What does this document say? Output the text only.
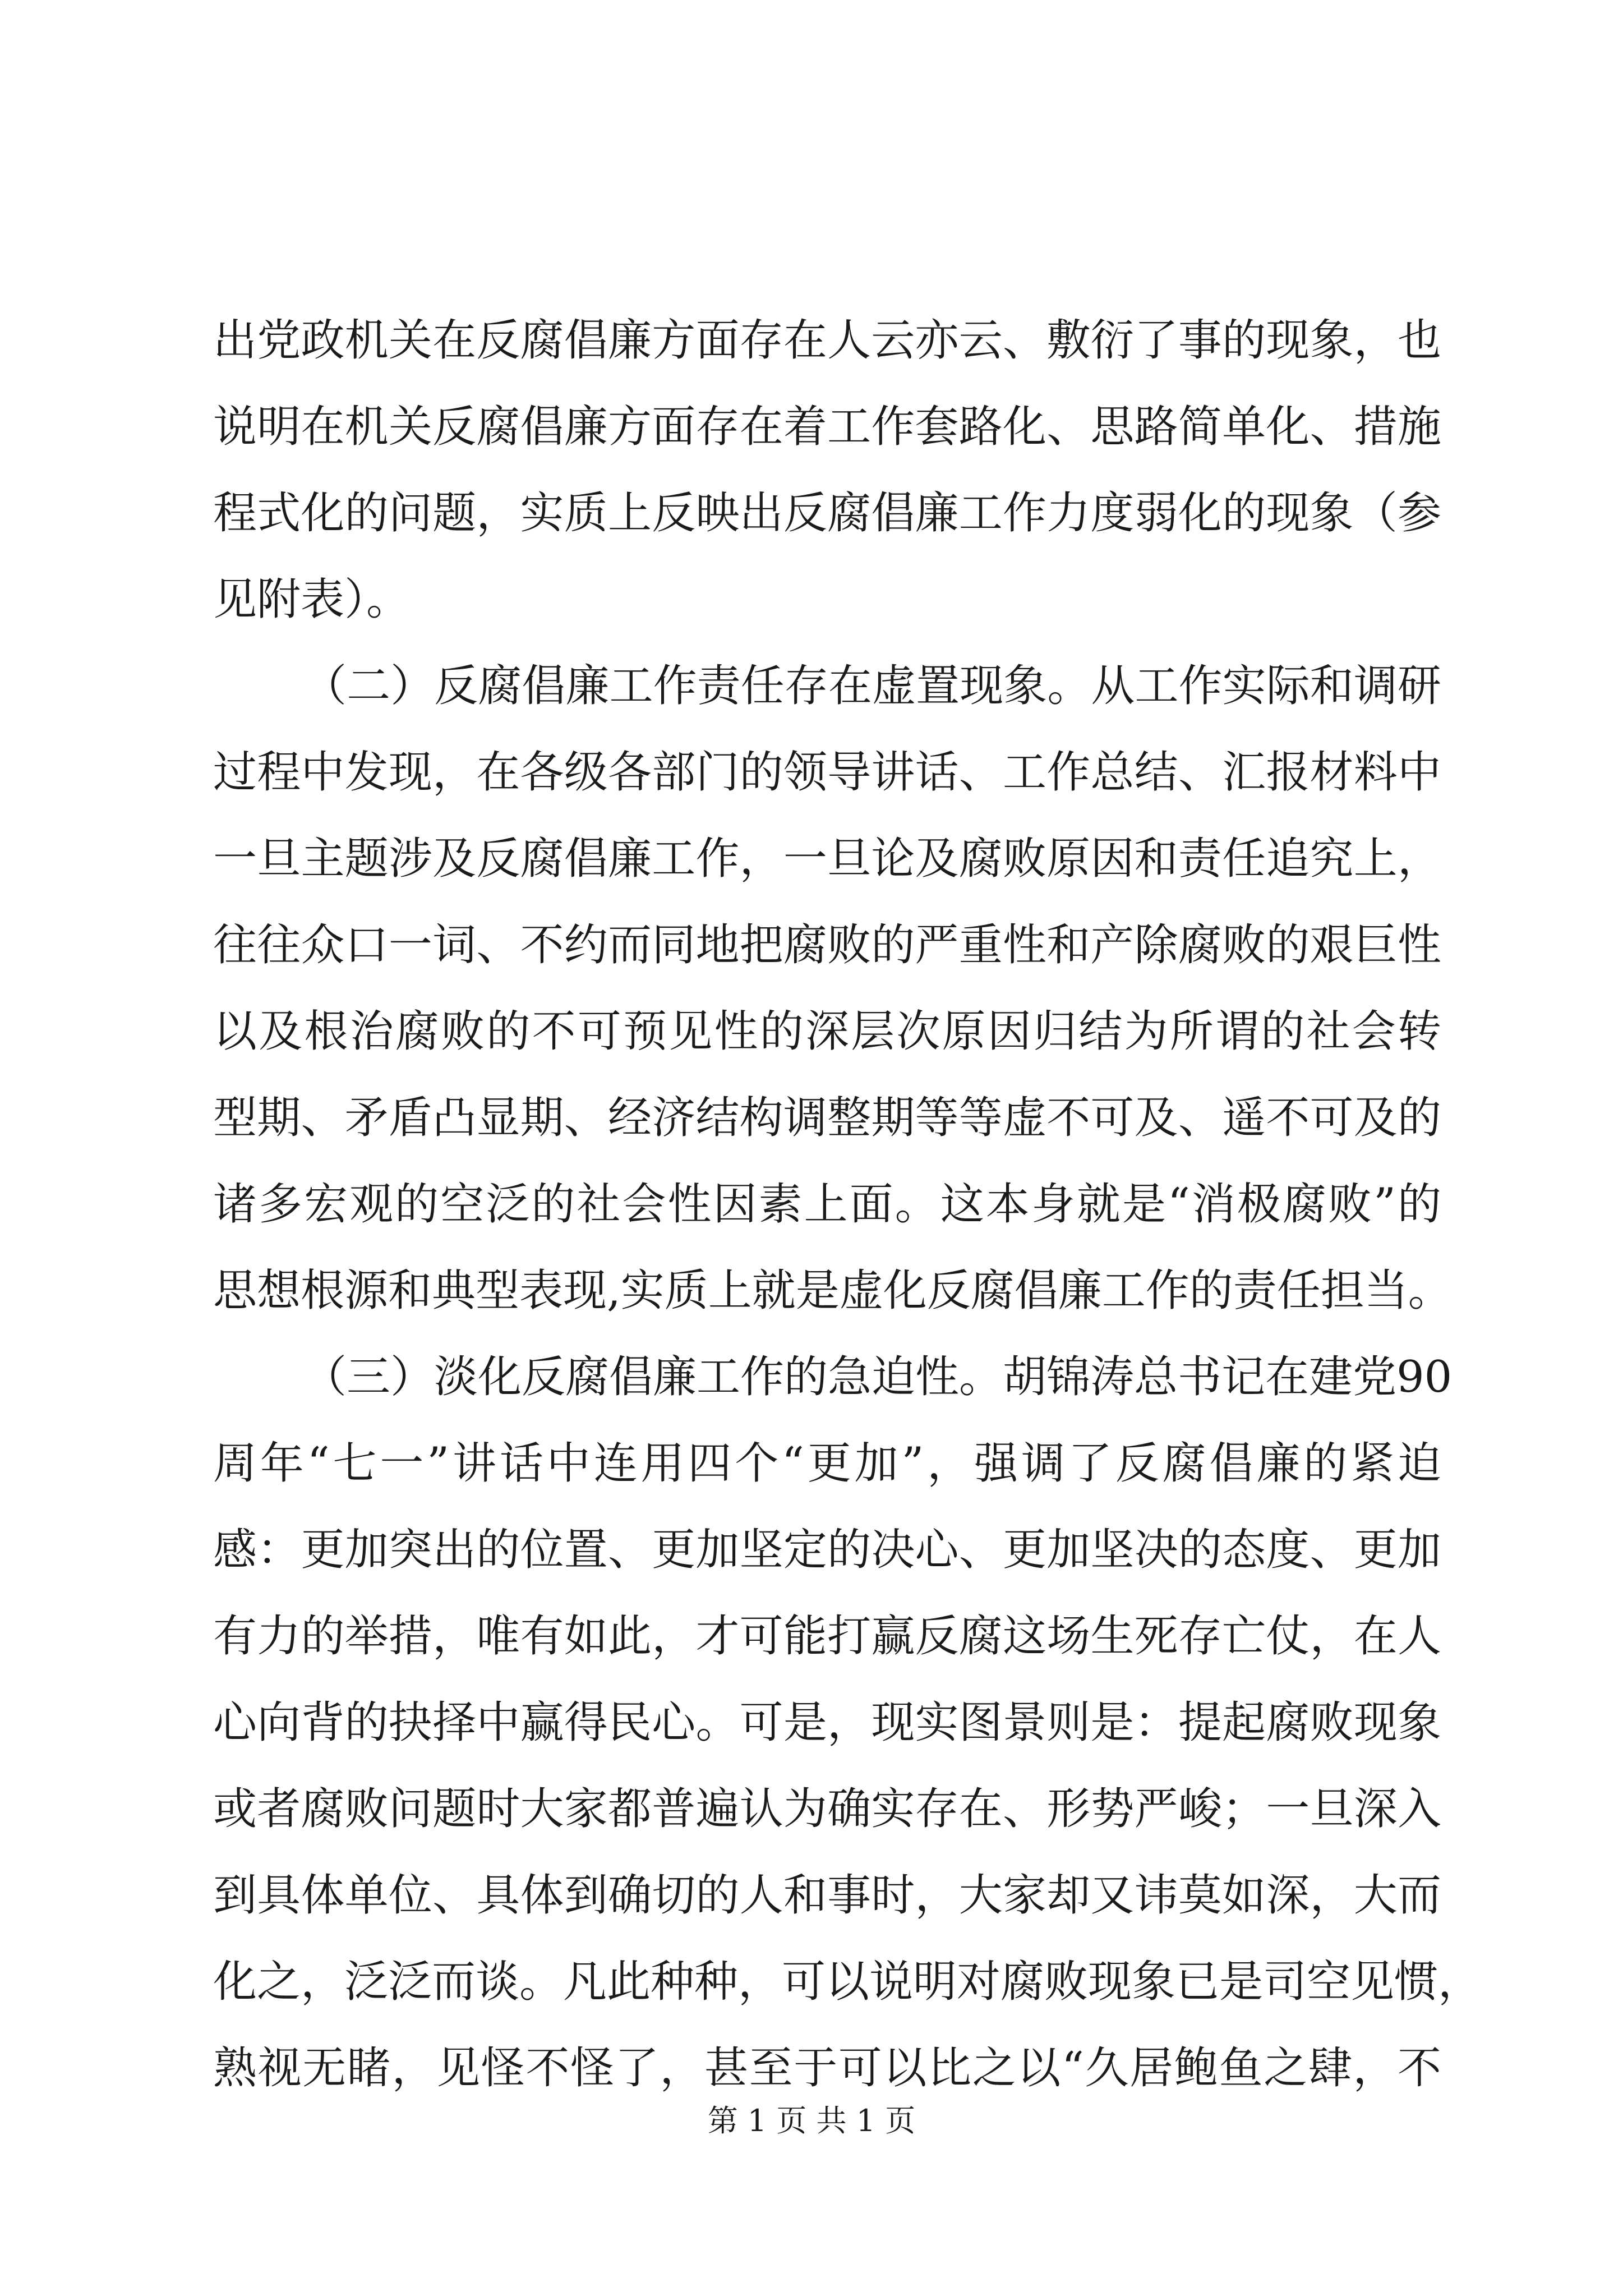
出党政机关在反腐倡廉方面存在人云亦云、敷衍了事的现象，也
说明在机关反腐倡廉方面存在着工作套路化、思路简单化、措施
程式化的问题，实质上反映出反腐倡廉工作力度弱化的现象（参
见附表）。
（二）反腐倡廉工作责任存在虚置现象。从工作实际和调研
过程中发现，在各级各部门的领导讲话、工作总结、汇报材料中
一旦主题涉及反腐倡廉工作，一旦论及腐败原因和责任追究上，
往往众口一词、不约而同地把腐败的严重性和产除腐败的艰巨性
以及根治腐败的不可预见性的深层次原因归结为所谓的社会转
型期、矛盾凸显期、经济结构调整期等等虚不可及、遥不可及的
诸多宏观的空泛的社会性因素上面。这本身就是“消极腐败”的
思想根源和典型表现,实质上就是虚化反腐倡廉工作的责任担当。
（三）淡化反腐倡廉工作的急迫性。胡锦涛总书记在建党90
周年“七一”讲话中连用四个“更加”，强调了反腐倡廉的紧迫
感：更加突出的位置、更加坚定的决心、更加坚决的态度、更加
有力的举措，唯有如此，才可能打赢反腐这场生死存亡仗，在人
心向背的抉择中赢得民心。可是，现实图景则是：提起腐败现象
或者腐败问题时大家都普遍认为确实存在、形势严峻；一旦深入
到具体单位、具体到确切的人和事时，大家却又讳莫如深，大而
化之，泛泛而谈。凡此种种，可以说明对腐败现象已是司空见惯，
熟视无睹，见怪不怪了，甚至于可以比之以“久居鲍鱼之肆，不
第 1 页 共 1 页
